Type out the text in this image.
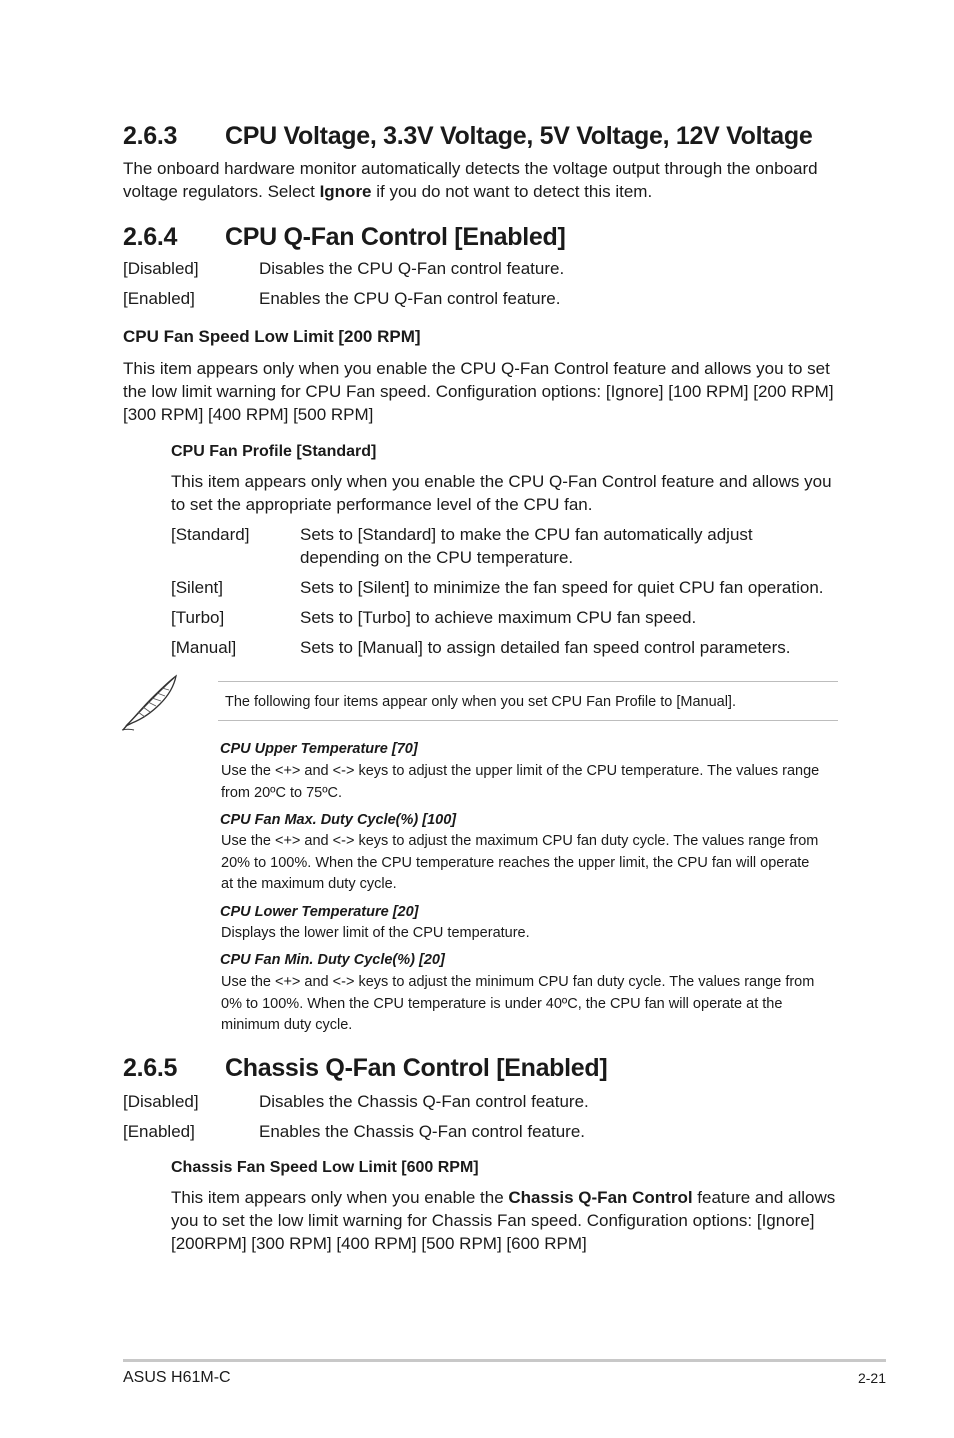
2.6.3 CPU Voltage, 3.3V Voltage, 5V Voltage, 12V Voltage
The onboard hardware monitor automatically detects the voltage output through the onboard voltage regulators. Select Ignore if you do not want to detect this item.
2.6.4 CPU Q-Fan Control [Enabled]
[Disabled]	Disables the CPU Q-Fan control feature.
[Enabled]	Enables the CPU Q-Fan control feature.
CPU Fan Speed Low Limit [200 RPM]
This item appears only when you enable the CPU Q-Fan Control feature and allows you to set the low limit warning for CPU Fan speed. Configuration options: [Ignore] [100 RPM] [200 RPM] [300 RPM] [400 RPM] [500 RPM]
CPU Fan Profile [Standard]
This item appears only when you enable the CPU Q-Fan Control feature and allows you to set the appropriate performance level of the CPU fan.
[Standard]	Sets to [Standard] to make the CPU fan automatically adjust depending on the CPU temperature.
[Silent]	Sets to [Silent] to minimize the fan speed for quiet CPU fan operation.
[Turbo]	Sets to [Turbo] to achieve maximum CPU fan speed.
[Manual]	Sets to [Manual] to assign detailed fan speed control parameters.
The following four items appear only when you set CPU Fan Profile to [Manual].
CPU Upper Temperature [70]
Use the <+> and <-> keys to adjust the upper limit of the CPU temperature. The values range from 20ºC to 75ºC.
CPU Fan Max. Duty Cycle(%) [100]
Use the <+> and <-> keys to adjust the maximum CPU fan duty cycle. The values range from 20% to 100%. When the CPU temperature reaches the upper limit, the CPU fan will operate at the maximum duty cycle.
CPU Lower Temperature [20]
Displays the lower limit of the CPU temperature.
CPU Fan Min. Duty Cycle(%) [20]
Use the <+> and <-> keys to adjust the minimum CPU fan duty cycle. The values range from 0% to 100%. When the CPU temperature is under 40ºC, the CPU fan will operate at the minimum duty cycle.
2.6.5 Chassis Q-Fan Control [Enabled]
[Disabled]	Disables the Chassis Q-Fan control feature.
[Enabled]	Enables the Chassis Q-Fan control feature.
Chassis Fan Speed Low Limit [600 RPM]
This item appears only when you enable the Chassis Q-Fan Control feature and allows you to set the low limit warning for Chassis Fan speed. Configuration options: [Ignore] [200RPM] [300 RPM] [400 RPM] [500 RPM] [600 RPM]
ASUS H61M-C	2-21
